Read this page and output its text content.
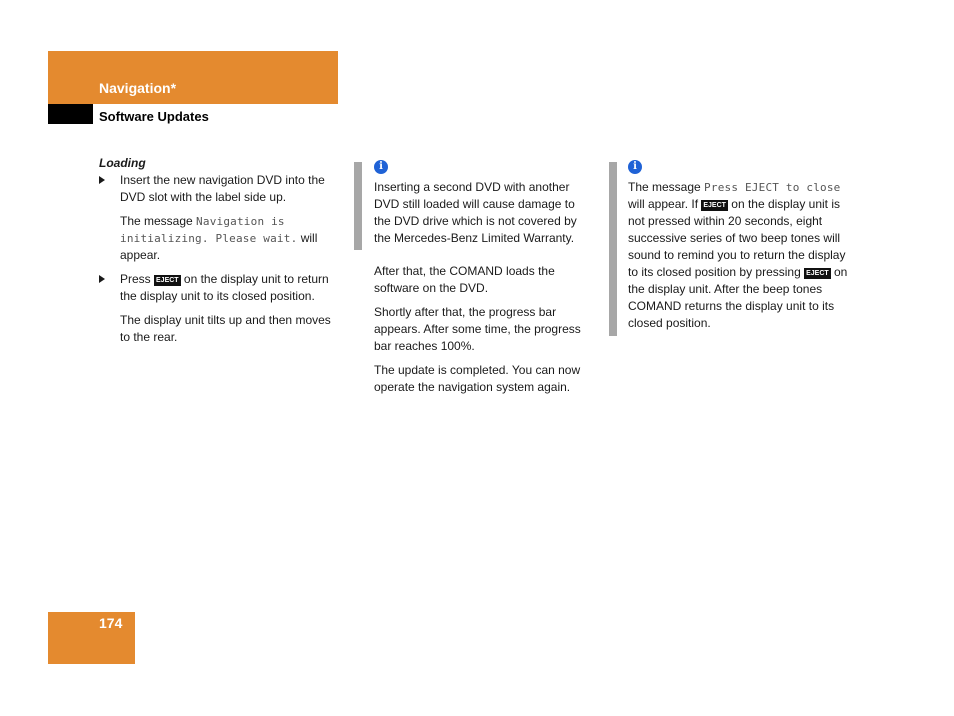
Navigation*
Software Updates

Loading

Insert the new navigation DVD into the DVD slot with the label side up.

The message Navigation is initializing. Please wait. will appear.

Press EJECT on the display unit to return the display unit to its closed position.

The display unit tilts up and then moves to the rear.

i

Inserting a second DVD with another DVD still loaded will cause damage to the DVD drive which is not covered by the Mercedes-Benz Limited Warranty.

After that, the COMAND loads the software on the DVD.

Shortly after that, the progress bar appears. After some time, the progress bar reaches 100%.

The update is completed. You can now operate the navigation system again.

i

The message Press EJECT to close will appear. If EJECT on the display unit is not pressed within 20 seconds, eight successive series of two beep tones will sound to remind you to return the display to its closed position by pressing EJECT on the display unit. After the beep tones COMAND returns the display unit to its closed position.

174
